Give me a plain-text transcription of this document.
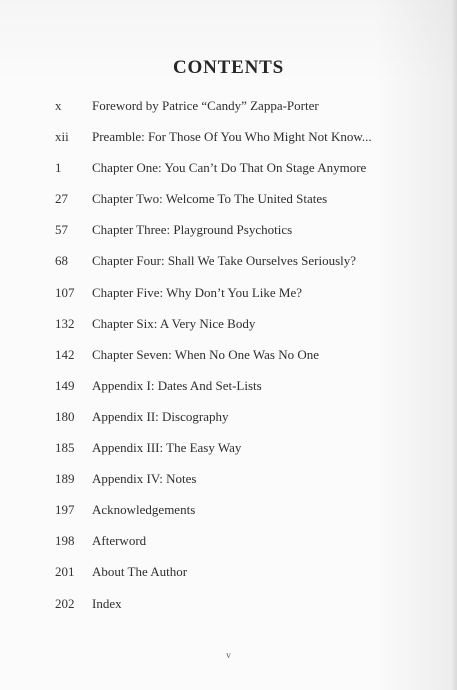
CONTENTS
x	Foreword by Patrice “Candy” Zappa-Porter
xii	Preamble: For Those Of You Who Might Not Know...
1	Chapter One: You Can’t Do That On Stage Anymore
27	Chapter Two: Welcome To The United States
57	Chapter Three: Playground Psychotics
68	Chapter Four: Shall We Take Ourselves Seriously?
107	Chapter Five: Why Don’t You Like Me?
132	Chapter Six: A Very Nice Body
142	Chapter Seven: When No One Was No One
149	Appendix I: Dates And Set-Lists
180	Appendix II: Discography
185	Appendix III: The Easy Way
189	Appendix IV: Notes
197	Acknowledgements
198	Afterword
201	About The Author
202	Index
v
